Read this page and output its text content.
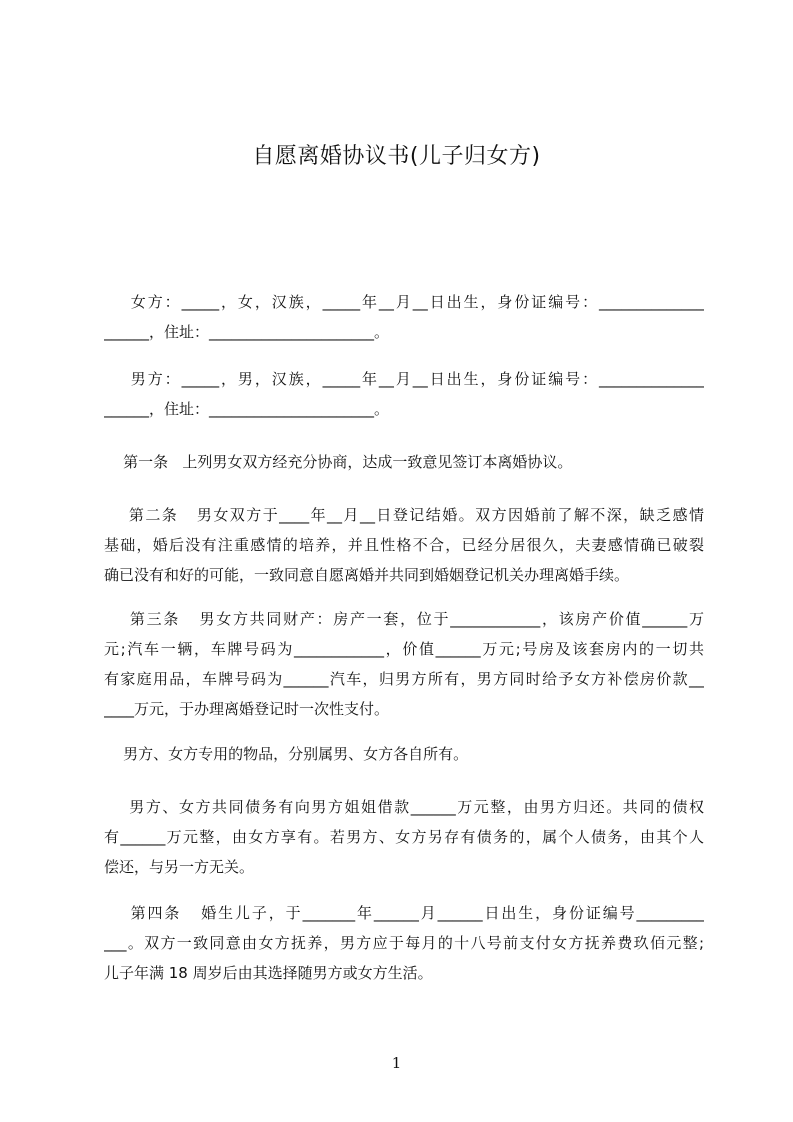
自愿离婚协议书(儿子归女方)
女方：_____，女，汉族，_____年__月__日出生，身份证编号：______________
______，住址：______________________。
男方：_____，男，汉族，_____年__月__日出生，身份证编号：______________
______，住址：______________________。
第一条   上列男女双方经充分协商，达成一致意见签订本离婚协议。
第二条   男女双方于____年__月__日登记结婚。双方因婚前了解不深，缺乏感情
基础，婚后没有注重感情的培养，并且性格不合，已经分居很久，夫妻感情确已破裂
确已没有和好的可能，一致同意自愿离婚并共同到婚姻登记机关办理离婚手续。
第三条   男女方共同财产：房产一套，位于____________，该房产价值______万
元;汽车一辆，车牌号码为____________，价值______万元;号房及该套房内的一切共
有家庭用品，车牌号码为______汽车，归男方所有，男方同时给予女方补偿房价款__
____万元，于办理离婚登记时一次性支付。
男方、女方专用的物品，分别属男、女方各自所有。
男方、女方共同债务有向男方姐姐借款______万元整，由男方归还。共同的债权
有______万元整，由女方享有。若男方、女方另存有债务的，属个人债务，由其个人
偿还，与另一方无关。
第四条   婚生儿子，于_______年______月______日出生，身份证编号_________
___。双方一致同意由女方抚养，男方应于每月的十八号前支付女方抚养费玖佰元整;
儿子年满 18 周岁后由其选择随男方或女方生活。

1
